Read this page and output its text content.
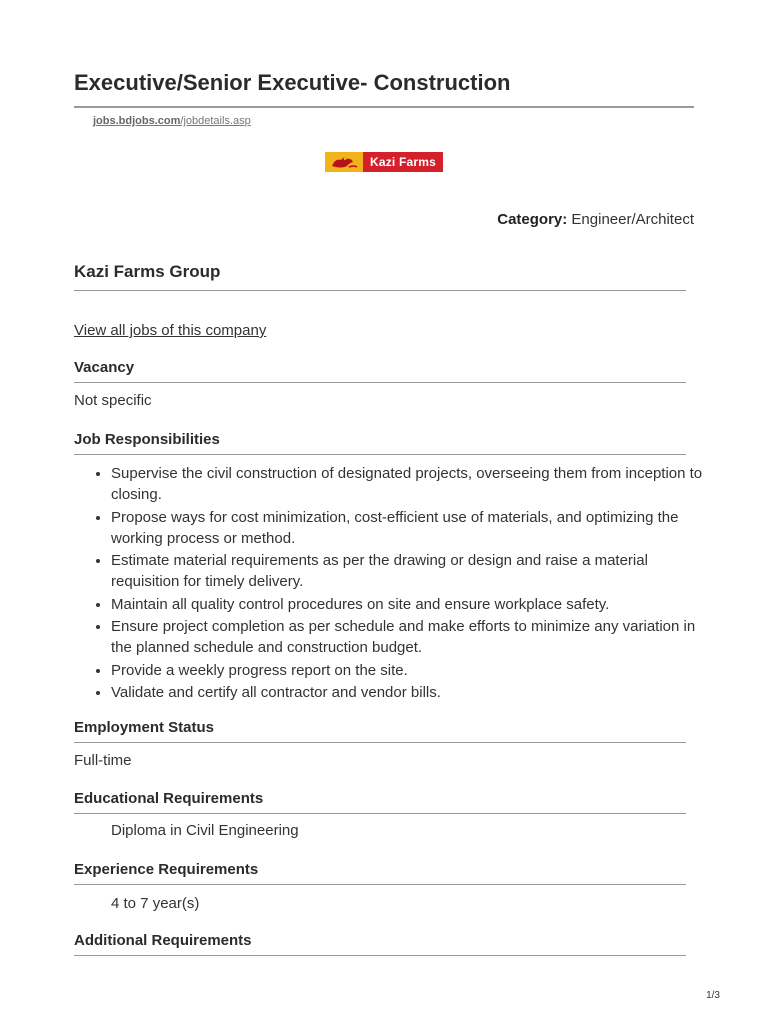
Executive/Senior Executive- Construction
jobs.bdjobs.com/jobdetails.asp
Kazi Farms
Category: Engineer/Architect
Kazi Farms Group
View all jobs of this company
Vacancy
Not specific
Job Responsibilities
• Supervise the civil construction of designated projects, overseeing them from inception to closing.
• Propose ways for cost minimization, cost-efficient use of materials, and optimizing the working process or method.
• Estimate material requirements as per the drawing or design and raise a material requisition for timely delivery.
• Maintain all quality control procedures on site and ensure workplace safety.
• Ensure project completion as per schedule and make efforts to minimize any variation in the planned schedule and construction budget.
• Provide a weekly progress report on the site.
• Validate and certify all contractor and vendor bills.
Employment Status
Full-time
Educational Requirements
Diploma in Civil Engineering
Experience Requirements
4 to 7 year(s)
Additional Requirements
1/3
